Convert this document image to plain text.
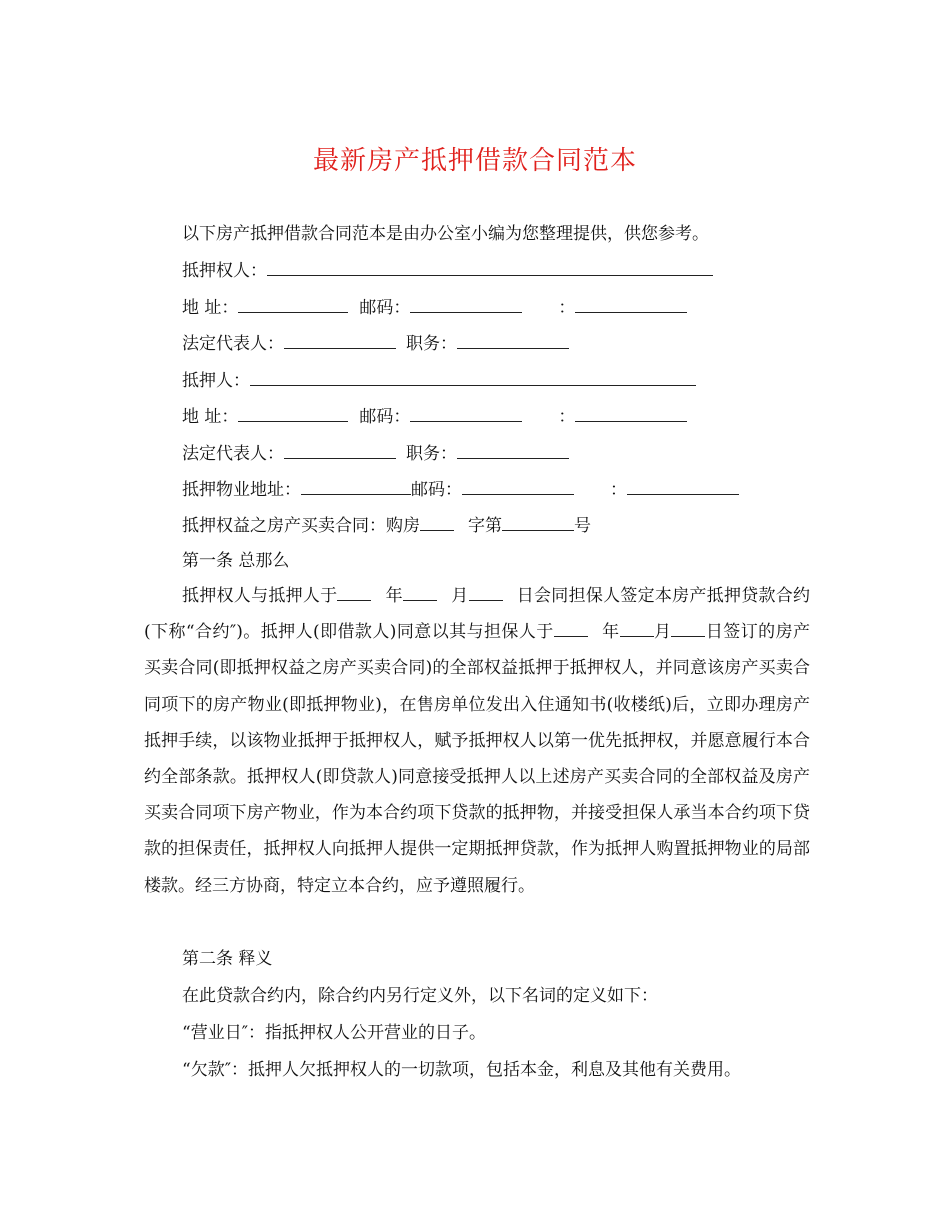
最新房产抵押借款合同范本
以下房产抵押借款合同范本是由办公室小编为您整理提供，供您参考。
抵押权人：
地 址：	邮码：	：
法定代表人：	职务：
抵押人：
地 址：	邮码：	：
法定代表人：	职务：
抵押物业地址：	邮码：	：
抵押权益之房产买卖合同：购房	字第	号
第一条 总那么
抵押权人与抵押人于	年	月	日会同担保人签定本房产抵押贷款合约(下称“合约″)。抵押人(即借款人)同意以其与担保人于	年 月 日签订的房产买卖合同(即抵押权益之房产买卖合同)的全部权益抵押于抵押权人，并同意该房产买卖合同项下的房产物业(即抵押物业)，在售房单位发出入住通知书(收楼纸)后，立即办理房产抵押手续，以该物业抵押于抵押权人，赋予抵押权人以第一优先抵押权，并愿意履行本合约全部条款。抵押权人(即贷款人)同意接受抵押人以上述房产买卖合同的全部权益及房产买卖合同项下房产物业，作为本合约项下贷款的抵押物，并接受担保人承当本合约项下贷款的担保责任，抵押权人向抵押人提供一定期抵押贷款，作为抵押人购置抵押物业的局部楼款。经三方协商，特定立本合约，应予遵照履行。
第二条 释义
在此贷款合约内，除合约内另行定义外，以下名词的定义如下：
“营业日″：指抵押权人公开营业的日子。
“欠款″：抵押人欠抵押权人的一切款项，包括本金，利息及其他有关费用。
